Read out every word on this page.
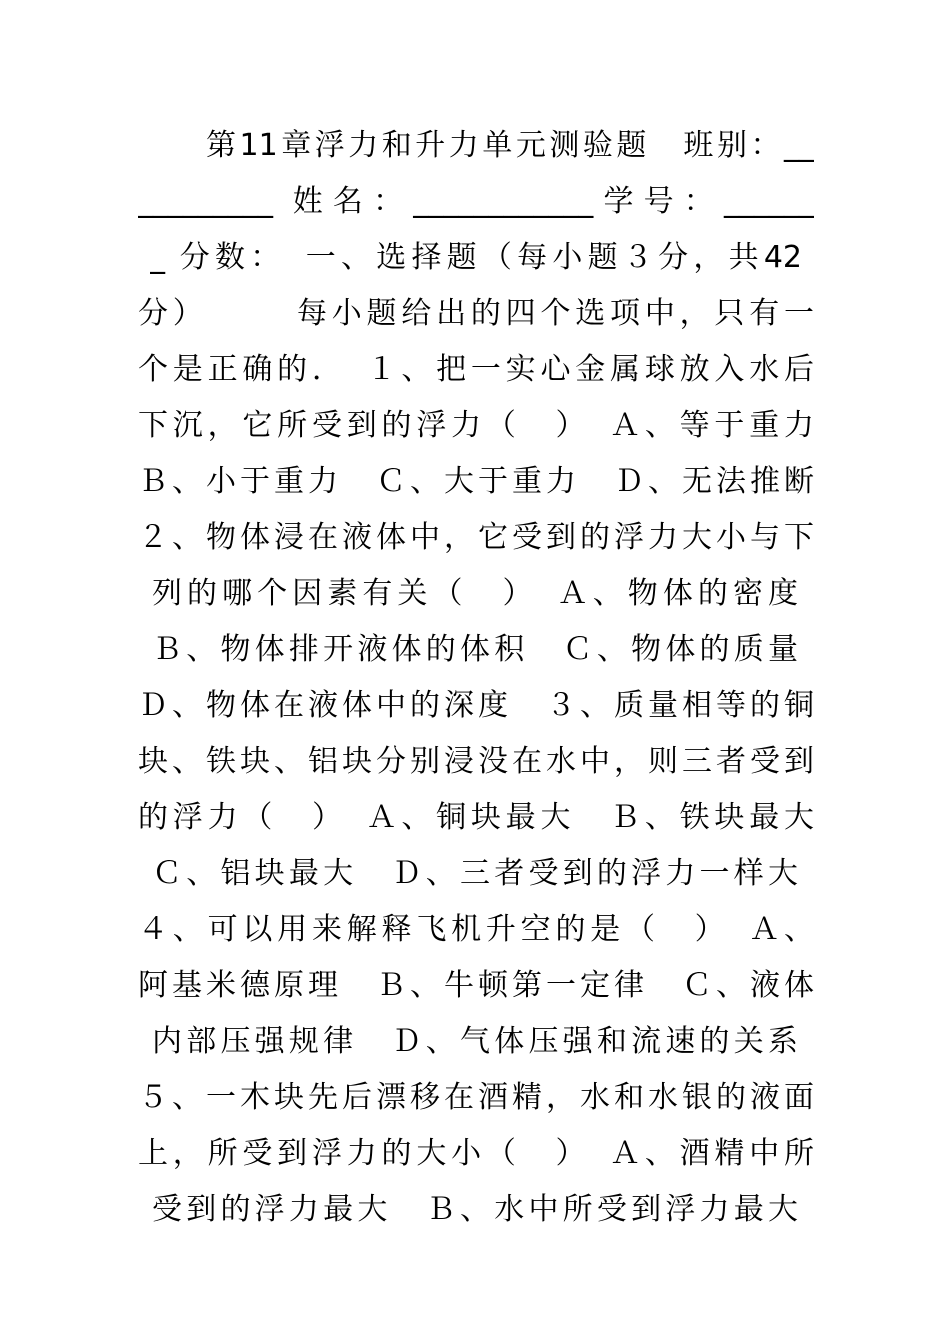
第11章浮力和升力单元测验题　班别：__
_________ 姓名：____________学号：______
_ 分数：　一、选择题（每小题３分，共42
分）　　　每小题给出的四个选项中，只有一
个是正确的．　１、把一实心金属球放入水后
下沉，它所受到的浮力（　）　Ａ、等于重力
Ｂ、小于重力　Ｃ、大于重力　Ｄ、无法推断
２、物体浸在液体中，它受到的浮力大小与下
列的哪个因素有关（　）　Ａ、物体的密度
Ｂ、物体排开液体的体积　Ｃ、物体的质量
Ｄ、物体在液体中的深度　３、质量相等的铜
块、铁块、铝块分别浸没在水中，则三者受到
的浮力（　）　Ａ、铜块最大　Ｂ、铁块最大
Ｃ、铝块最大　Ｄ、三者受到的浮力一样大
４、可以用来解释飞机升空的是（　）　Ａ、
阿基米德原理　Ｂ、牛顿第一定律　Ｃ、液体
内部压强规律　Ｄ、气体压强和流速的关系
５、一木块先后漂移在酒精，水和水银的液面
上，所受到浮力的大小（　）　Ａ、酒精中所
受到的浮力最大　Ｂ、水中所受到浮力最大
